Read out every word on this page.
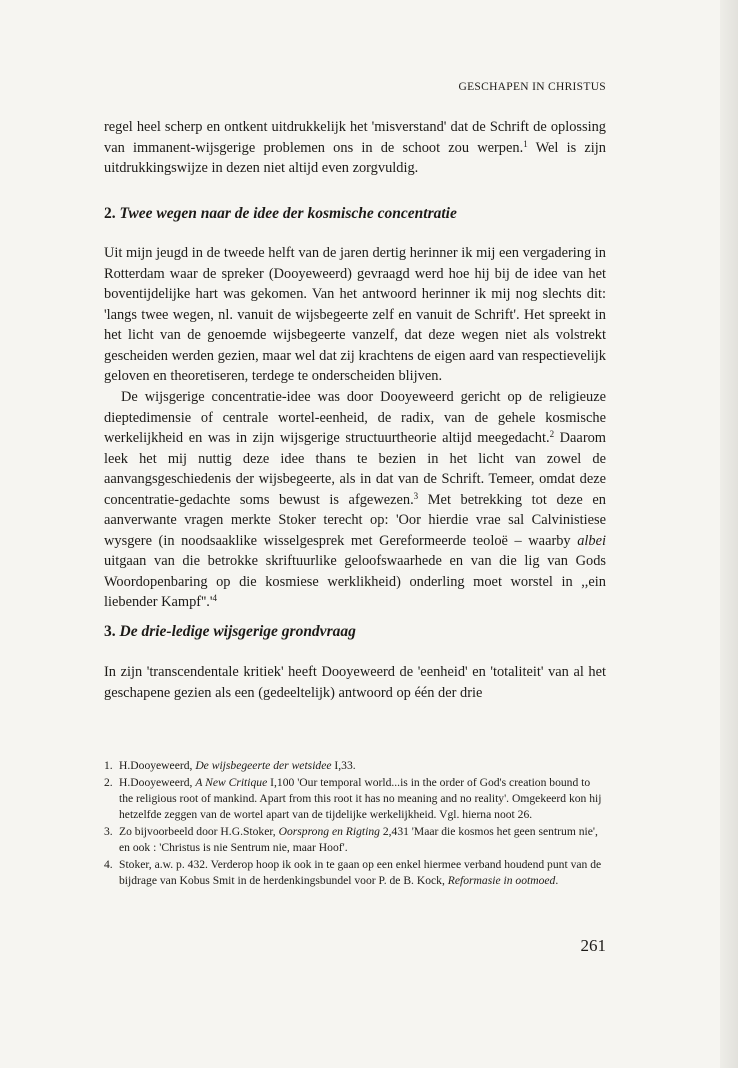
GESCHAPEN IN CHRISTUS

regel heel scherp en ontkent uitdrukkelijk het 'misverstand' dat de Schrift de oplossing van immanent-wijsgerige problemen ons in de schoot zou werpen.$^1$ Wel is zijn uitdrukkingswijze in dezen niet altijd even zorgvuldig.

2. Twee wegen naar de idee der kosmische concentratie

Uit mijn jeugd in de tweede helft van de jaren dertig herinner ik mij een vergadering in Rotterdam waar de spreker (Dooyeweerd) gevraagd werd hoe hij bij de idee van het boventijdelijke hart was gekomen. Van het antwoord herinner ik mij nog slechts dit: 'langs twee wegen, nl. vanuit de wijsbegeerte zelf en vanuit de Schrift'. Het spreekt in het licht van de genoemde wijsbegeerte vanzelf, dat deze wegen niet als volstrekt gescheiden werden gezien, maar wel dat zij krachtens de eigen aard van respectievelijk geloven en theoretiseren, terdege te onderscheiden blijven.

De wijsgerige concentratie-idee was door Dooyeweerd gericht op de religieuze dieptedimensie of centrale wortel-eenheid, de radix, van de gehele kosmische werkelijkheid en was in zijn wijsgerige structuurtheorie altijd meegedacht.$^2$ Daarom leek het mij nuttig deze idee thans te bezien in het licht van zowel de aanvangsgeschiedenis der wijsbegeerte, als in dat van de Schrift. Temeer, omdat deze concentratie-gedachte soms bewust is afgewezen.$^3$ Met betrekking tot deze en aanverwante vragen merkte Stoker terecht op: 'Oor hierdie vrae sal Calvinistiese wysgere (in noodsaaklike wisselgesprek met Gereformeerde teoloë – waarby albei uitgaan van die betrokke skriftuurlike geloofswaarhede en van die lig van Gods Woordopenbaring op die kosmiese werklikheid) onderling moet worstel in ,,ein liebender $Kampf''.'^4$

3. De drie-ledige wijsgerige grondvraag

In zijn 'transcendentale kritiek' heeft Dooyeweerd de 'eenheid' en 'totaliteit' van al het geschapene gezien als een (gedeeltelijk) antwoord op één der drie

1. H.Dooyeweerd, De wijsbegeerte der wetsidee I,33.
2. H.Dooyeweerd, A New Critique I,100 'Our temporal world...is in the order of God's creation bound to the religious root of mankind. Apart from this root it has no meaning and no reality'. Omgekeerd kon hij hetzelfde zeggen van de wortel apart van de tijdelijke werkelijkheid. Vgl. hierna noot 26.
3. Zo bijvoorbeeld door H.G.Stoker, Oorsprong en Rigting 2,431 'Maar die kosmos het geen sentrum nie', en ook : 'Christus is nie Sentrum nie, maar Hoof'.
4. Stoker, a.w. p. 432. Verderop hoop ik ook in te gaan op een enkel hiermee verband houdend punt van de bijdrage van Kobus Smit in de herdenkingsbundel voor P. de B. Kock, Reformasie in ootmoed.
261
